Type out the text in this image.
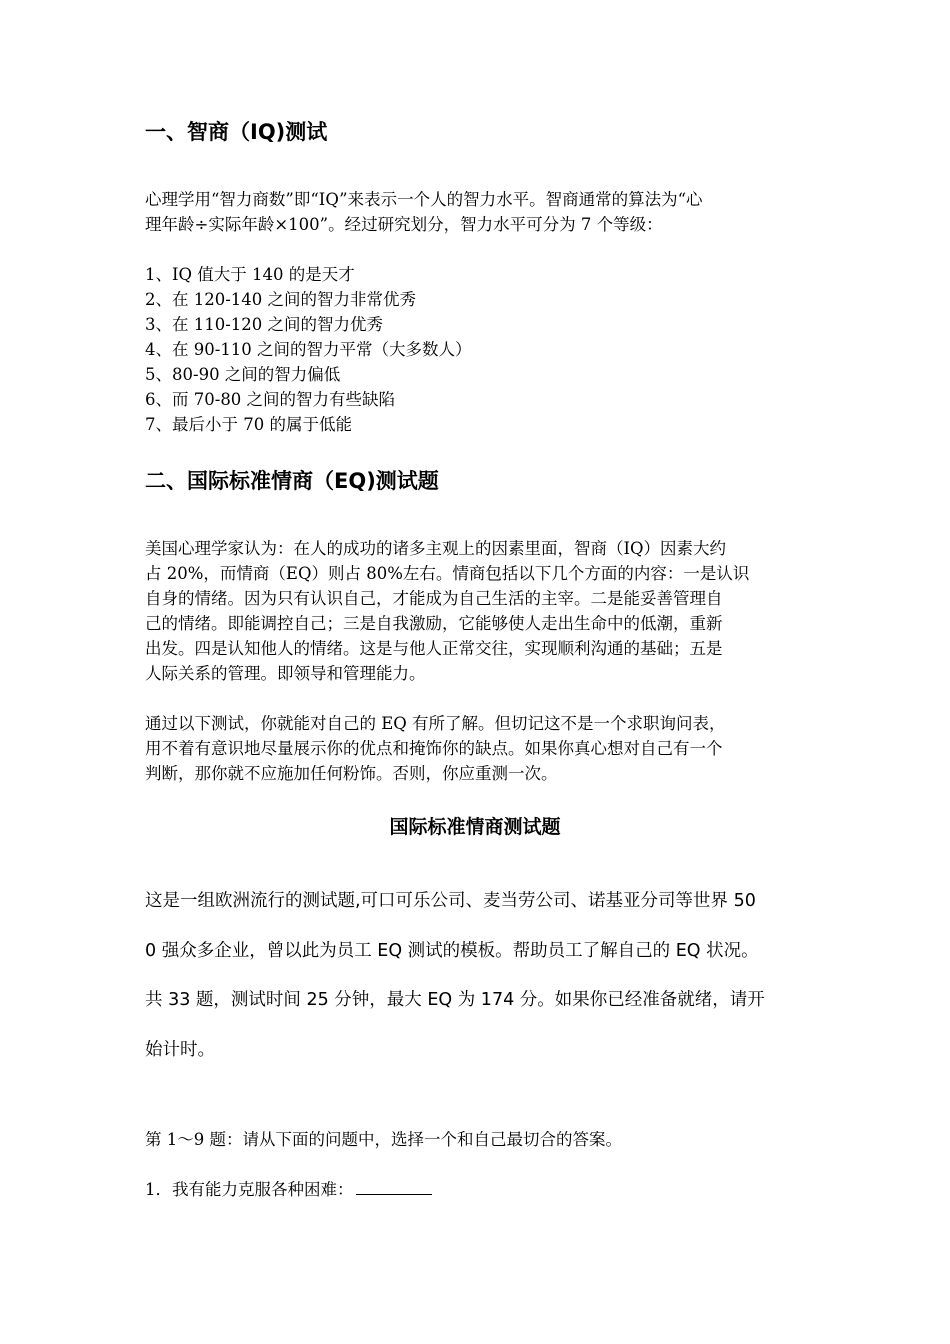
一、智商（IQ)测试
心理学用“智力商数”即“IQ”来表示一个人的智力水平。智商通常的算法为“心
理年龄÷实际年龄×100”。经过研究划分，智力水平可分为 7 个等级：
1、IQ 值大于 140 的是天才
2、在 120-140 之间的智力非常优秀
3、在 110-120 之间的智力优秀
4、在 90-110 之间的智力平常（大多数人）
5、80-90 之间的智力偏低
6、而 70-80 之间的智力有些缺陷
7、最后小于 70 的属于低能
二、国际标准情商（EQ)测试题
美国心理学家认为：在人的成功的诸多主观上的因素里面，智商（IQ）因素大约
占 20%，而情商（EQ）则占 80%左右。情商包括以下几个方面的内容：一是认识
自身的情绪。因为只有认识自己，才能成为自己生活的主宰。二是能妥善管理自
己的情绪。即能调控自己；三是自我激励，它能够使人走出生命中的低潮，重新
出发。四是认知他人的情绪。这是与他人正常交往，实现顺利沟通的基础；五是
人际关系的管理。即领导和管理能力。
通过以下测试，你就能对自己的 EQ 有所了解。但切记这不是一个求职询问表，
用不着有意识地尽量展示你的优点和掩饰你的缺点。如果你真心想对自己有一个
判断，那你就不应施加任何粉饰。否则，你应重测一次。
国际标准情商测试题
这是一组欧洲流行的测试题,可口可乐公司、麦当劳公司、诺基亚分司等世界 50
0 强众多企业，曾以此为员工 EQ 测试的模板。帮助员工了解自己的 EQ 状况。
共 33 题，测试时间 25 分钟，最大 EQ 为 174 分。如果你已经准备就绪，请开
始计时。
第 1～9 题：请从下面的问题中，选择一个和自己最切合的答案。
1．我有能力克服各种困难：
